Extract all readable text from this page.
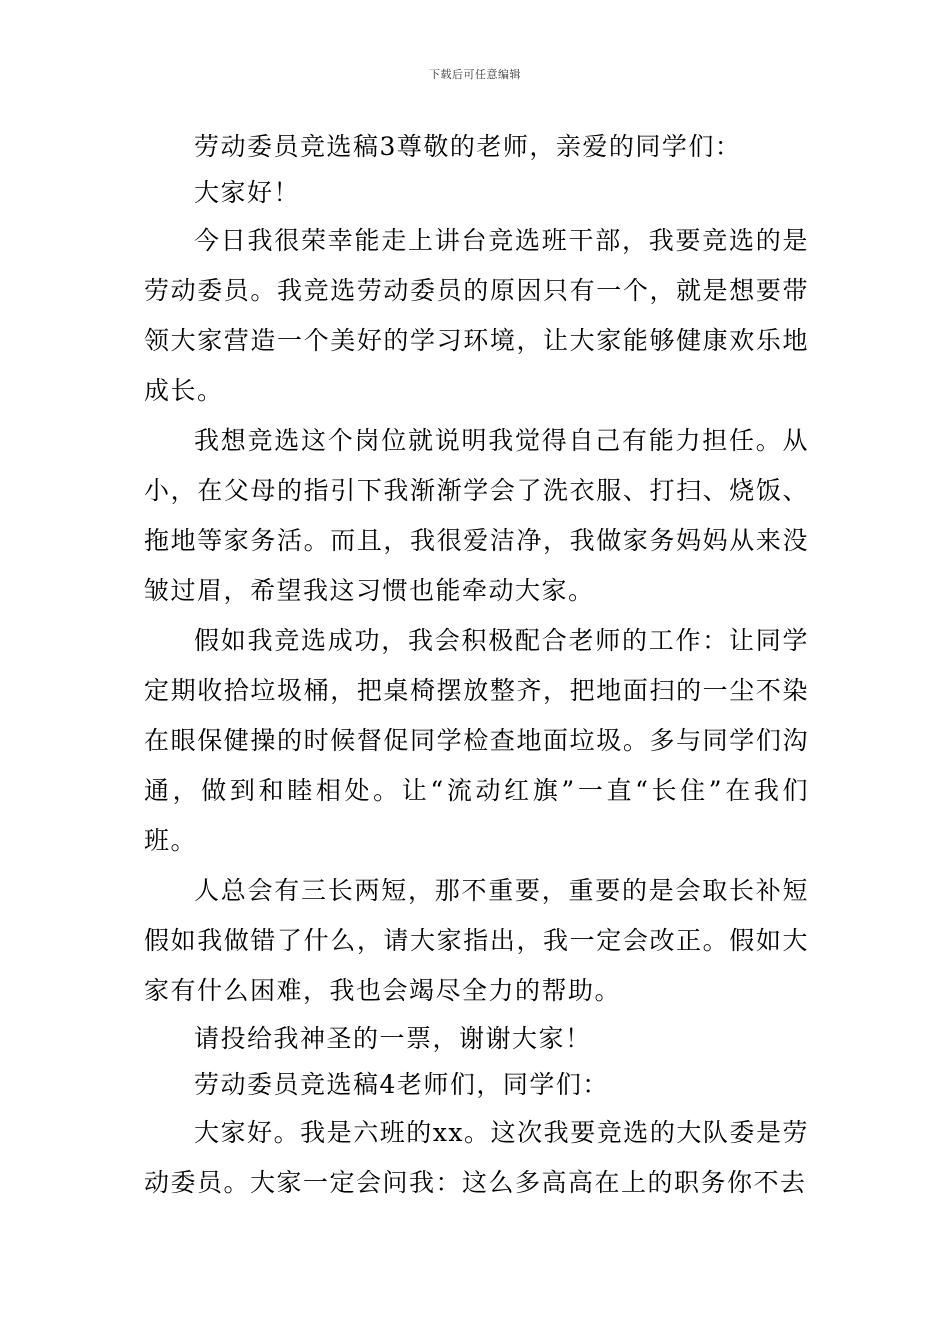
下载后可任意编辑

劳动委员竞选稿3尊敬的老师，亲爱的同学们：

大家好！

今日我很荣幸能走上讲台竞选班干部，我要竞选的是劳动委员。我竞选劳动委员的原因只有一个，就是想要带领大家营造一个美好的学习环境，让大家能够健康欢乐地成长。

我想竞选这个岗位就说明我觉得自己有能力担任。从小，在父母的指引下我渐渐学会了洗衣服、打扫、烧饭、拖地等家务活。而且，我很爱洁净，我做家务妈妈从来没皱过眉，希望我这习惯也能牵动大家。

假如我竞选成功，我会积极配合老师的工作：让同学定期收拾垃圾桶，把桌椅摆放整齐，把地面扫的一尘不染在眼保健操的时候督促同学检查地面垃圾。多与同学们沟通，做到和睦相处。让“流动红旗”一直“长住”在我们班。

人总会有三长两短，那不重要，重要的是会取长补短假如我做错了什么，请大家指出，我一定会改正。假如大家有什么困难，我也会竭尽全力的帮助。

请投给我神圣的一票，谢谢大家！

劳动委员竞选稿4老师们，同学们：

大家好。我是六班的xx。这次我要竞选的大队委是劳动委员。大家一定会问我：这么多高高在上的职务你不去
